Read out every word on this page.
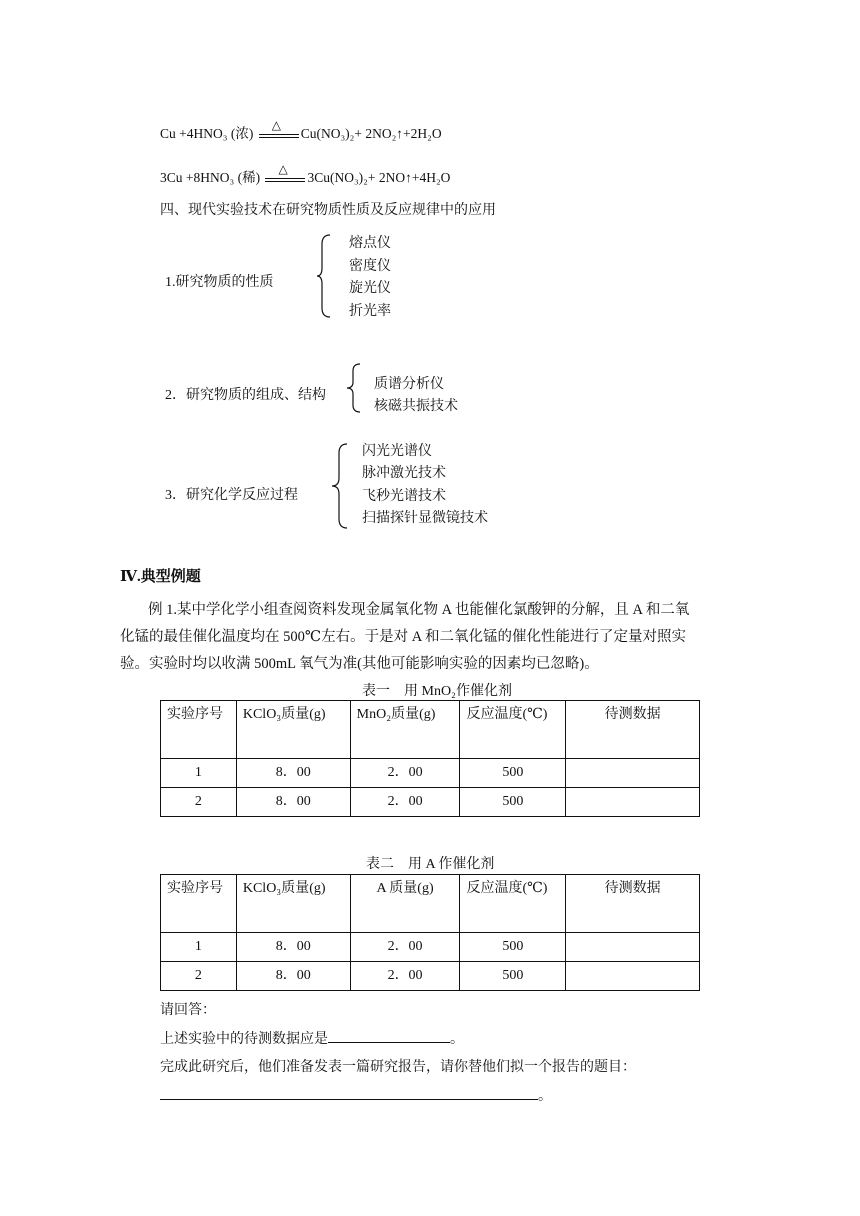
Cu +4HNO₃ (浓)
△
Cu(NO₃)₂+ 2NO₂↑+2H₂O
3Cu +8HNO₃ (稀)
△
3Cu(NO₃)₂+ 2NO↑+4H₂O
四、现代实验技术在研究物质性质及反应规律中的应用
1.研究物质的性质
熔点仪
密度仪
旋光仪
折光率
2．研究物质的组成、结构
质谱分析仪
核磁共振技术
3．研究化学反应过程
闪光光谱仪
脉冲激光技术
飞秒光谱技术
扫描探针显微镜技术
Ⅳ.典型例题
例 1.某中学化学小组查阅资料发现金属氧化物 A 也能催化氯酸钾的分解，且 A 和二氧
化锰的最佳催化温度均在 500℃左右。于是对 A 和二氧化锰的催化性能进行了定量对照实
验。实验时均以收满 500mL 氧气为准(其他可能影响实验的因素均已忽略)。
表一　用 MnO₂作催化剂
实验序号	KClO₃质量(g)	MnO₂质量(g)	反应温度(℃)	待测数据
1	8．00	2．00	500	
2	8．00	2．00	500	
表二　用 A 作催化剂
实验序号	KClO₃质量(g)	A 质量(g)	反应温度(℃)	待测数据
1	8．00	2．00	500	
2	8．00	2．00	500	
请回答：
上述实验中的待测数据应是	。
完成此研究后，他们准备发表一篇研究报告，请你替他们拟一个报告的题目：
。
